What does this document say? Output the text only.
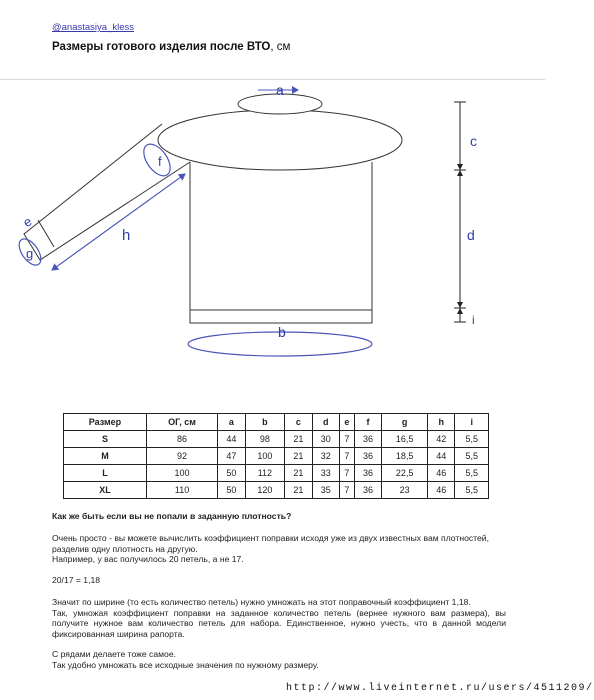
@anastasiya_kless
Размеры готового изделия после ВТО, см
a
b
c
d
e
f
g
h
i
Размер	ОГ, см	a	b	c	d	e	f	g	h	i
S	86	44	98	21	30	7	36	16,5	42	5,5
M	92	47	100	21	32	7	36	18,5	44	5,5
L	100	50	112	21	33	7	36	22,5	46	5,5
XL	110	50	120	21	35	7	36	23	46	5,5
Как же быть если вы не попали в заданную плотность?
Очень просто - вы можете вычислить коэффициент поправки исходя уже из двух известных вам плотностей,
разделив одну плотность на другую.
Например, у вас получилось 20 петель, а не 17.
20/17 = 1,18
Значит по ширине (то есть количество петель) нужно умножать на этот поправочный коэффициент 1,18.
Так, умножая коэффициент поправки на заданное количество петель (вернее нужного вам размера), вы получите нужное вам количество петель для набора. Единственное, нужно учесть, что в данной модели фиксированная ширина рапорта.
С рядами делаете тоже самое.
Так удобно умножать все исходные значения по нужному размеру.
http://www.liveinternet.ru/users/4511209/
